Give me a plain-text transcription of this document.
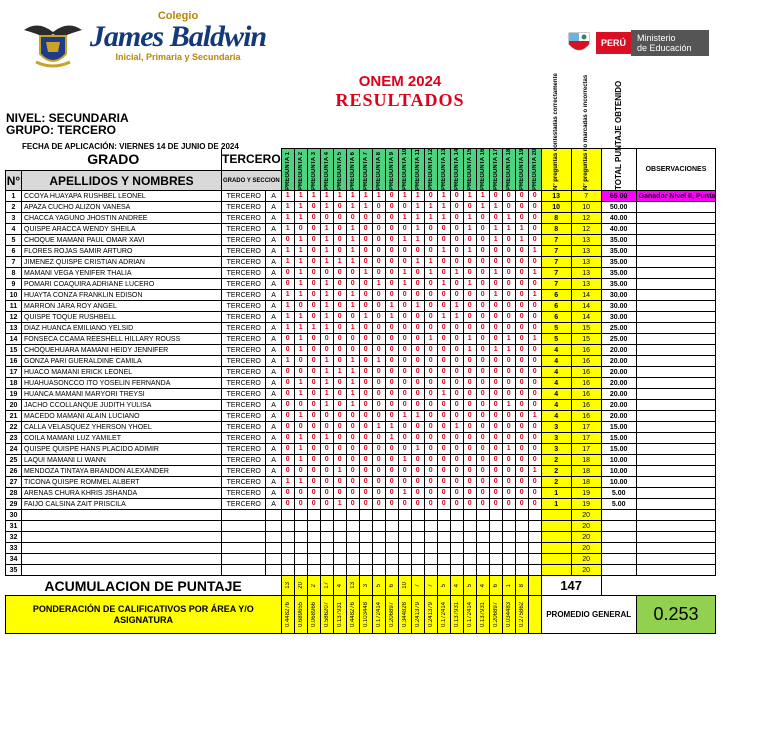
Colegio
James Baldwin
Inicial, Primaria y Secundaria
PERÚ	Ministerio
de Educación
ONEM 2024
RESULTADOS
NIVEL: SECUNDARIA
GRUPO: TERCERO
FECHA DE APLICACIÓN: VIERNES 14 DE JUNIO DE 2024
GRADO		TERCERO		PREGUNTA 1	PREGUNTA 2	PREGUNTA 3	PREGUNTA 4	PREGUNTA 5	PREGUNTA 6	PREGUNTA 7	PREGUNTA 8	PREGUNTA 9	PREGUNTA 10	PREGUNTA 11	PREGUNTA 12	PREGUNTA 13	PREGUNTA 14	PREGUNTA 15	PREGUNTA 16	PREGUNTA 17	PREGUNTA 18	PREGUNTA 19	PREGUNTA 20	Nº preguntas contestadas correctamente	Nº preguntas no marcadas o incorrectas	TOTAL PUNTAJE OBTENIDO	OBSERVACIONES
N°	APELLIDOS Y NOMBRES	GRADO Y SECCION																									
1	CCOYA HUAYAPA RUSHBEL LEONEL	TERCERO	A	1	1	1	1	1	1	1	1	0	1	1	0	1	0	1	1	0	0	0	0	13	7	65.00	Ganador Nivel II, Punta
2	APAZA CUCHO ALIZON VANESA	TERCERO	A	1	1	0	1	0	1	1	0	0	0	1	1	1	0	0	1	1	0	0	0	10	10	50.00	
3	CHACCA YAGUNO JHOSTIN ANDREE	TERCERO	A	1	1	0	0	0	0	0	0	0	1	1	1	1	0	1	0	0	1	0	0	8	12	40.00	
4	QUISPE ARACCA WENDY SHEILA	TERCERO	A	1	0	0	1	0	1	0	0	0	0	1	0	0	0	1	0	1	1	1	0	8	12	40.00	
5	CHOQUE MAMANI PAUL OMAR XAVI	TERCERO	A	0	1	0	1	0	1	0	0	0	1	1	0	0	0	0	0	1	0	1	0	7	13	35.00	
6	FLORES ROJAS SAMIR ARTURO	TERCERO	A	1	1	0	1	0	1	0	0	0	0	0	0	1	0	1	0	0	0	0	1	7	13	35.00	
7	JIMENEZ QUISPE CRISTIAN ADRIAN	TERCERO	A	1	1	0	1	1	1	0	0	0	0	1	1	0	0	0	0	0	0	0	0	7	13	35.00	
8	MAMANI VEGA YENIFER THALIA	TERCERO	A	0	1	0	0	0	0	1	0	0	1	0	1	0	1	0	0	1	0	0	1	7	13	35.00	
9	POMARI COAQUIRA ADRIANE LUCERO	TERCERO	A	0	1	0	1	0	0	0	1	0	1	0	0	1	0	1	0	0	0	0	0	7	13	35.00	
10	HUAYTA CONZA FRANKLIN EDISON	TERCERO	A	1	1	0	1	0	1	0	0	0	0	0	0	0	0	0	0	1	0	0	1	6	14	30.00	
11	MARRON JARA ROY ANGEL	TERCERO	A	1	0	0	1	0	1	0	0	1	0	1	0	0	1	0	0	0	0	0	0	6	14	30.00	
12	QUISPE TOQUE RUSHBELL	TERCERO	A	1	1	0	1	0	0	1	0	1	0	0	0	1	1	0	0	0	0	0	0	6	14	30.00	
13	DIAZ HUANCA EMILIANO YELSID	TERCERO	A	1	1	1	1	0	1	0	0	0	0	0	0	0	0	0	0	0	0	0	0	5	15	25.00	
14	FONSECA CCAMA REESHELL HILLARY ROUSS	TERCERO	A	0	1	0	0	0	0	0	0	0	0	0	1	0	0	1	0	0	1	0	1	5	15	25.00	
15	CHOQUEHUARA MAMANI HEIDY JENNIFER	TERCERO	A	0	1	0	0	0	0	0	0	0	0	0	0	0	0	1	0	1	1	0	0	4	16	20.00	
16	GONZA PARI GUERALDINE CAMILA	TERCERO	A	1	0	0	1	0	1	0	1	0	0	0	0	0	0	0	0	0	0	0	0	4	16	20.00	
17	HUACO MAMANI ERICK LEONEL	TERCERO	A	0	0	0	1	1	1	0	0	0	0	0	0	0	0	0	0	0	0	0	0	4	16	20.00	
18	HUAHUASONCCO ITO YOSELIN FERNANDA	TERCERO	A	0	1	0	1	0	1	0	0	0	0	0	0	0	0	0	0	0	0	0	0	4	16	20.00	
19	HUANCA MAMANI MARYORI TREYSI	TERCERO	A	0	1	0	1	0	1	0	0	0	0	0	0	1	0	0	0	0	0	0	0	4	16	20.00	
20	JACHO CCOLLANQUE JUDITH YULISA	TERCERO	A	0	0	0	1	0	1	0	0	0	0	0	0	0	0	0	0	0	1	0	0	4	16	20.00	
21	MACEDO MAMANI ALAIN LUCIANO	TERCERO	A	0	1	0	0	0	0	0	0	0	1	1	0	0	0	0	0	0	0	0	1	4	16	20.00	
22	CALLA VELASQUEZ YHERSON YHOEL	TERCERO	A	0	0	0	0	0	0	0	1	1	0	0	0	0	1	0	0	0	0	0	0	3	17	15.00	
23	COILA MAMANI LUZ YAMILET	TERCERO	A	0	1	0	1	0	0	0	0	1	0	0	0	0	0	0	0	0	0	0	0	3	17	15.00	
24	QUISPE QUISPE HANS PLACIDO ADIMIR	TERCERO	A	0	1	0	0	0	0	0	0	0	0	1	0	0	0	0	0	0	1	0	0	3	17	15.00	
25	LAQUI MAMANI LI WANN	TERCERO	A	0	1	0	0	0	0	0	0	0	1	0	0	0	0	0	0	0	0	0	0	2	18	10.00	
26	MENDOZA TINTAYA BRANDON ALEXANDER	TERCERO	A	0	0	0	0	1	0	0	0	0	0	0	0	0	0	0	0	0	0	0	1	2	18	10.00	
27	TICONA QUISPE ROMMEL ALBERT	TERCERO	A	1	1	0	0	0	0	0	0	0	0	0	0	0	0	0	0	0	0	0	0	2	18	10.00	
28	ARENAS CHURA KHRIS JSHANDA	TERCERO	A	0	0	0	0	0	0	0	0	0	1	0	0	0	0	0	0	0	0	0	0	1	19	5.00	
29	FAIJO CALSINA ZAIT PRISCILA	TERCERO	A	0	0	0	0	1	0	0	0	0	0	0	0	0	0	0	0	0	0	0	0	1	19	5.00	
30																									20		
31																									20		
32																									20		
33																									20		
34																									20		
35																									20		
ACUMULACION DE PUNTAJE				13	20	2	17	4	13	3	5	6	10	7	7	5	4	5	4	6	1	8		147			
PONDERACIÓN DE CALIFICATIVOS POR ÁREA Y/O ASIGNATURA				0.448276	0.689655	0.068966	0.586207	0.137931	0.448276	0.103448	0.172414	0.206897	0.344828	0.241379	0.241379	0.172414	0.137931	0.172414	0.137931	0.206897	0.034483	0.275862		PROMEDIO GENERAL			0.253
